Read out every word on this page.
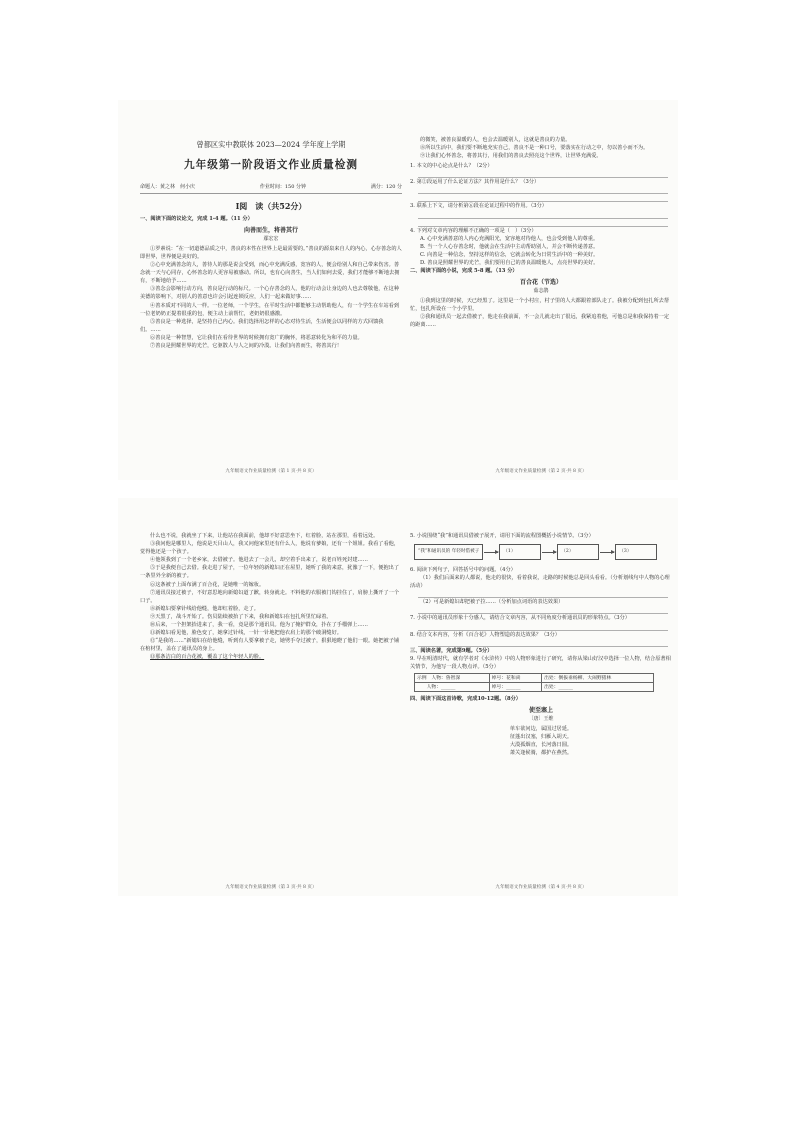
曾都区实中教联体 2023—2024 学年度上学期

九年级第一阶段语文作业质量检测

命题人：黄之林　何小庆	作业时间：150 分钟	满分：120 分

Ⅰ阅　读（共52分）

一、阅读下面的议论文，完成 1-4 题。（11 分）

向善而生，将善其行

鄢宏宏

①罗素说：“在一切道德品质之中，善良的本性在世界上是最需要的。”善良的源泉来自人的内心，心存善念的人即世界，世界便是美好的。

②心中充满善念的人，善待人的那是说会受到，而心中充满反感，宽容的人，便会给别人和自己带来伤害。善念就一天与心同存，心怀善念的人更容易被感动。所以，也有心向善生，当人们如何去爱，我们才能够不断地去拥有，不断地给予……

③善念会影响行动方向，善良是行动的标尺。一个心存善念的人，他的行动会让身边的人也去尊敬他，在这种美德的影响下，对别人的善意也许会引起连锁反应，人们一起来做好事……

④善本质对不同的人一样。一位老师，一个学生，在平时生活中都能够主动帮助他人，有一个学生在车站看到一位老奶奶正提着很重的包，便主动上前帮忙，老奶奶很感激。

⑤善良是一种选择，是坚持自己内心。我们选择用怎样的心态对待生活，生活便会以同样的方式回馈我们。……

⑥善良是一种智慧，它让我们在看待世界的时候拥有宽广的胸怀，将恶意转化为和平的力量。

⑦善良是照耀世界的光芒，它驱散人与人之间的冷漠。让我们向善而生，将善其行！

九年级语文作业质量检测（第 1 页·共 8 页）

的微笑，被善良温暖的人，也会去温暖别人，这就是善良的力量。

⑧所以生活中，我们要不断地充实自己，善良不是一种口号，要落实在行动之中，勿以善小而不为。

⑨让我们心怀善念，将善其行，用我们的善良去照亮这个世界，让世界充满爱。

1. 本文的中心论点是什么？（2分）

2. 第②段运用了什么论证方法？其作用是什么？（3分）

3. 联系上下文，请分析第⑥段在论证过程中的作用。（3分）

4. 下列对文章内容的理解不正确的一项是（　）（3分）

A. 心中充满善意的人内心充满阳光，宽容地对待他人，也会受到他人的尊重。

B. 当一个人心存善念时，他就会在生活中主动帮助别人，并会不断传递善意。

C. 向善是一种信念，坚持这样的信念，它就会转化为日常生活中的一种美好。

D. 善良是照耀世界的光芒，我们要用自己的善良温暖他人，点亮世界的美好。

二、阅读下面的小说，完成 5-8 题。（13 分）

百合花（节选）

茹志鹃

①我到这里的时候，天已经黑了。这里是一个小村庄，村子里的人大都跟着部队走了。我被分配到包扎所去帮忙，包扎所设在一个小学里。

②我和通讯员一起去借被子，他走在我前面，不一会儿就走出了很远，我紧追着他，可他总是和我保持着一定的距离……

九年级语文作业质量检测（第 2 页·共 8 页）

什么也不说，我就坐了下来，让他站在我面前，他却不好意思坐下，红着脸，站在那里，看着远处。

③我问他是哪里人，他说是天目山人，我又问他家里还有什么人，他说有爹娘，还有一个姐姐。我看了看他，觉得他还是一个孩子。

④他领我到了一个老乡家，去借被子。他进去了一会儿，却空着手出来了，说老百姓死封建……

⑤于是我便自己去借。我走进了屋子，一位年轻的新媳妇正在屋里，她听了我的来意，犹豫了一下，便抱出了一条里外全新的被子。

⑥这条被子上面布满了百合花，是她唯一的嫁妆。

⑦通讯员接过被子，不好意思地向新媳妇道了歉，转身就走。不料他的衣服被门钩挂住了，肩膀上撕开了一个口子。

⑧新媳妇要拿针线给他缝，他却红着脸，走了。

⑨天黑了，战斗开始了。伤员陆续被抬了下来，我和新媳妇在包扎所里忙碌着。

⑩后来，一个担架抬进来了，我一看，竟是那个通讯员。他为了掩护群众，扑在了手榴弹上……

⑪新媳妇看见他，脸色变了，她拿过针线，一针一针地把他衣肩上的那个破洞缝好。

⑫“是我的……”新媳妇在给他缝，听到有人要拿被子走，她劈手夺过被子，狠狠地瞪了他们一眼。她把被子铺在棺材里，盖在了通讯员的身上。

⑬那条洁白的百合花被，覆盖了这个年轻人的脸。

九年级语文作业质量检测（第 3 页·共 8 页）

5. 小说围绕“我”和通讯员借被子展开，请用下面的流程图概括小说情节。（3分）

“我”和通讯员的 年轻时借被子	（1）	（2）	（3）

6. 阅读下列句子，回答括号中的问题。（4分）

（1）我们后面来的人都说，他走的很快，看着我说，走路的时候他总是回头看看。（分析划线句中人物的心理活动）

（2）可是新媳妇却把被子拉……（分析加点词语的表达效果）

7. 小说中的通讯员形象十分感人，请结合文章内容，从不同角度分析通讯员的形象特点。（3分）

8. 结合文本内容，分析《百合花》人物塑造的表达效果？（3分）

三、阅读名著，完成第9题。（5分）

9. 早在明清时代，就有学者对《水浒传》中的人物形象进行了研究，请你从梁山好汉中选择一位人物，结合原著相关情节，为他写一段人物点评。（5分）

示例　人物：鲁智深	绰号：花和尚	出处：倒拔垂杨柳、大闹野猪林
　　人物：______	绰号：______	出处：______

四、阅读下面这首诗歌，完成10-12题。（8分）

使至塞上

〔唐〕王维

单车欲问边，属国过居延。

征蓬出汉塞，归雁入胡天。

大漠孤烟直，长河落日圆。

萧关逢候骑，都护在燕然。

九年级语文作业质量检测（第 4 页·共 8 页）
